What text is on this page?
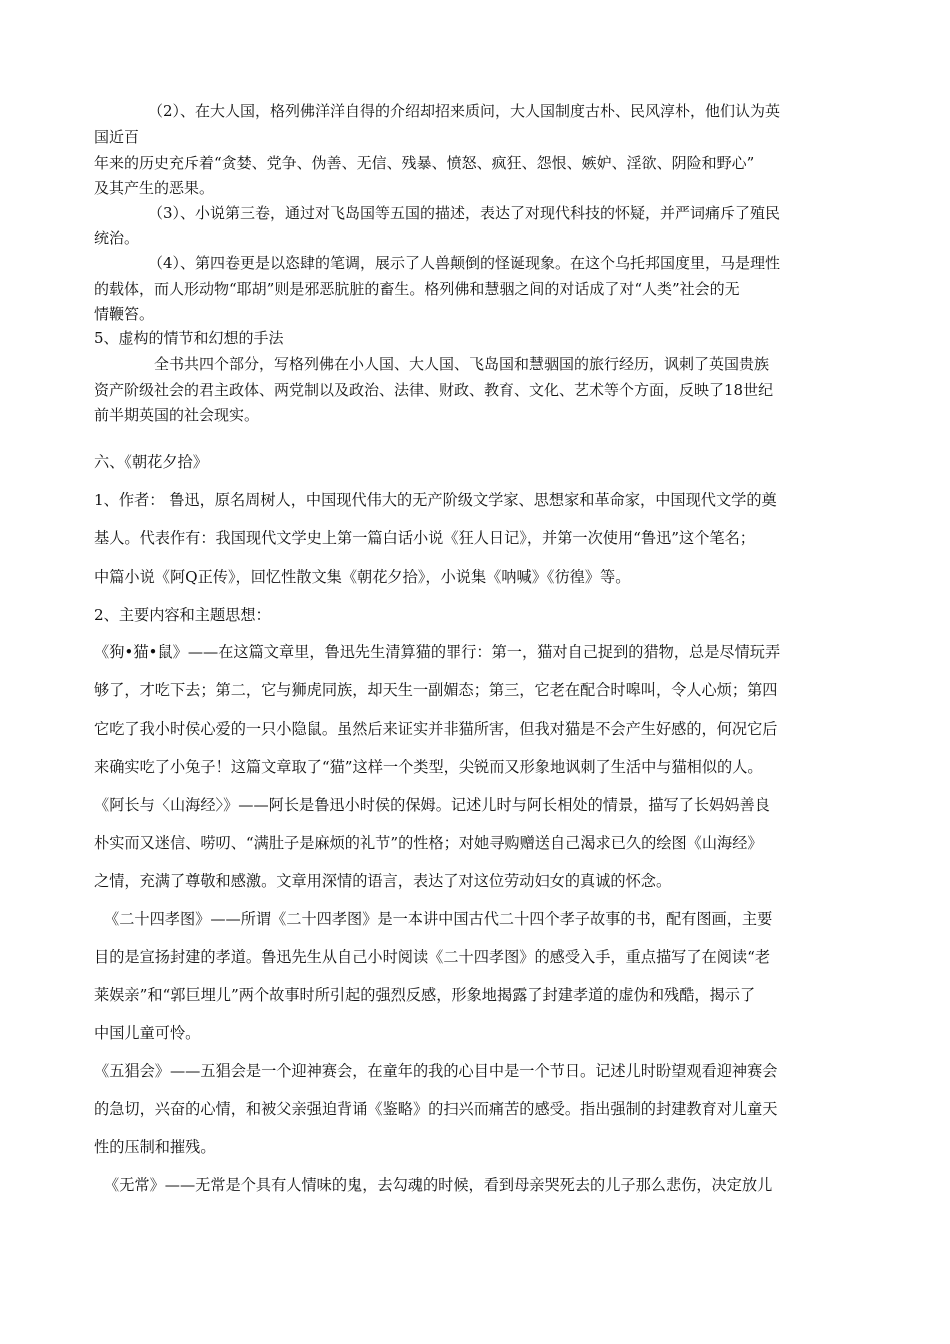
（2）、在大人国，格列佛洋洋自得的介绍却招来质问，大人国制度古朴、民风淳朴，他们认为英
国近百
年来的历史充斥着“贪婪、党争、伪善、无信、残暴、愤怒、疯狂、怨恨、嫉妒、淫欲、阴险和野心”
及其产生的恶果。
（3）、小说第三卷，通过对飞岛国等五国的描述，表达了对现代科技的怀疑，并严词痛斥了殖民
统治。
（4）、第四卷更是以恣肆的笔调，展示了人兽颠倒的怪诞现象。在这个乌托邦国度里，马是理性
的载体，而人形动物“耶胡”则是邪恶肮脏的畜生。格列佛和慧骃之间的对话成了对“人类”社会的无
情鞭笞。
5、虚构的情节和幻想的手法
全书共四个部分，写格列佛在小人国、大人国、飞岛国和慧骃国的旅行经历，讽刺了英国贵族
资产阶级社会的君主政体、两党制以及政治、法律、财政、教育、文化、艺术等个方面，反映了18世纪
前半期英国的社会现实。
六、《朝花夕拾》
1、作者： 鲁迅，原名周树人，中国现代伟大的无产阶级文学家、思想家和革命家，中国现代文学的奠
基人。代表作有：我国现代文学史上第一篇白话小说《狂人日记》，并第一次使用“鲁迅”这个笔名；
中篇小说《阿Q正传》，回忆性散文集《朝花夕拾》，小说集《呐喊》《彷徨》等。
2、主要内容和主题思想：
《狗•猫•鼠》——在这篇文章里，鲁迅先生清算猫的罪行：第一，猫对自己捉到的猎物，总是尽情玩弄
够了，才吃下去；第二，它与狮虎同族，却天生一副媚态；第三，它老在配合时嗥叫，令人心烦；第四
它吃了我小时侯心爱的一只小隐鼠。虽然后来证实并非猫所害，但我对猫是不会产生好感的，何况它后
来确实吃了小兔子！这篇文章取了“猫”这样一个类型，尖锐而又形象地讽刺了生活中与猫相似的人。
《阿长与〈山海经〉》——阿长是鲁迅小时侯的保姆。记述儿时与阿长相处的情景，描写了长妈妈善良
朴实而又迷信、唠叨、“满肚子是麻烦的礼节”的性格；对她寻购赠送自己渴求已久的绘图《山海经》
之情，充满了尊敬和感激。文章用深情的语言，表达了对这位劳动妇女的真诚的怀念。
《二十四孝图》——所谓《二十四孝图》是一本讲中国古代二十四个孝子故事的书，配有图画，主要
目的是宣扬封建的孝道。鲁迅先生从自己小时阅读《二十四孝图》的感受入手，重点描写了在阅读“老
莱娱亲”和“郭巨埋儿”两个故事时所引起的强烈反感，形象地揭露了封建孝道的虚伪和残酷，揭示了
中国儿童可怜。
《五猖会》——五猖会是一个迎神赛会，在童年的我的心目中是一个节日。记述儿时盼望观看迎神赛会
的急切，兴奋的心情，和被父亲强迫背诵《鉴略》的扫兴而痛苦的感受。指出强制的封建教育对儿童天
性的压制和摧残。
《无常》——无常是个具有人情味的鬼，去勾魂的时候，看到母亲哭死去的儿子那么悲伤，决定放儿
